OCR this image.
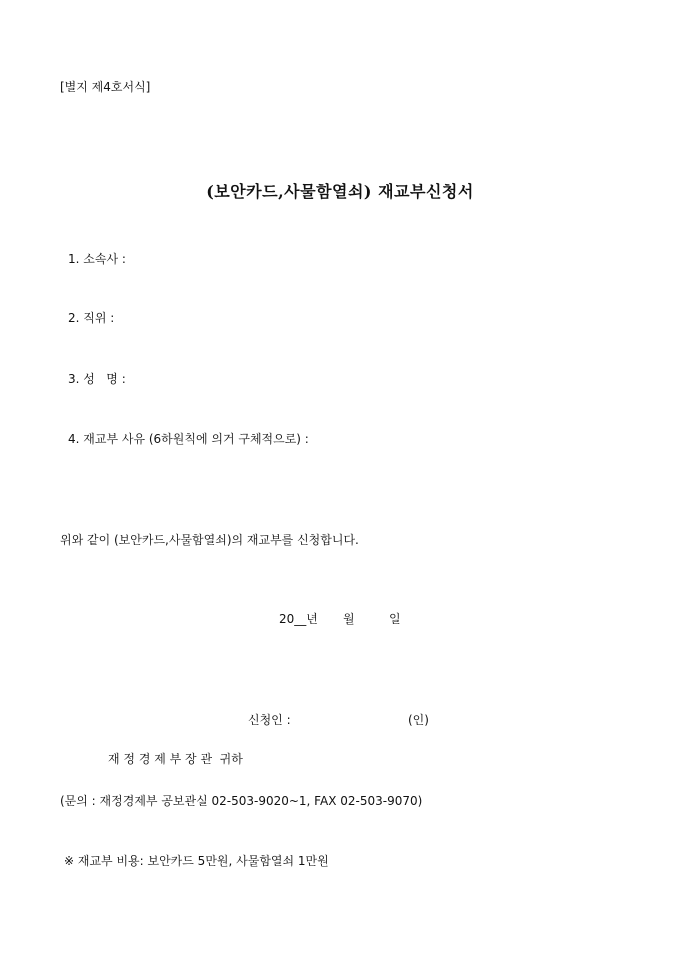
[별지 제4호서식]
(보안카드,사물함열쇠) 재교부신청서
1. 소속사 :
2. 직위 :
3. 성   명 :
4. 재교부 사유 (6하원칙에 의거 구체적으로) :
위와 같이 (보안카드,사물함열쇠)의 재교부를 신청합니다.
20__년 월	일
신청인 :	(인)
재 정 경 제 부 장 관  귀하
(문의 : 재정경제부 공보관실 02-503-9020~1, FAX 02-503-9070)
※ 재교부 비용: 보안카드 5만원, 사물함열쇠 1만원
